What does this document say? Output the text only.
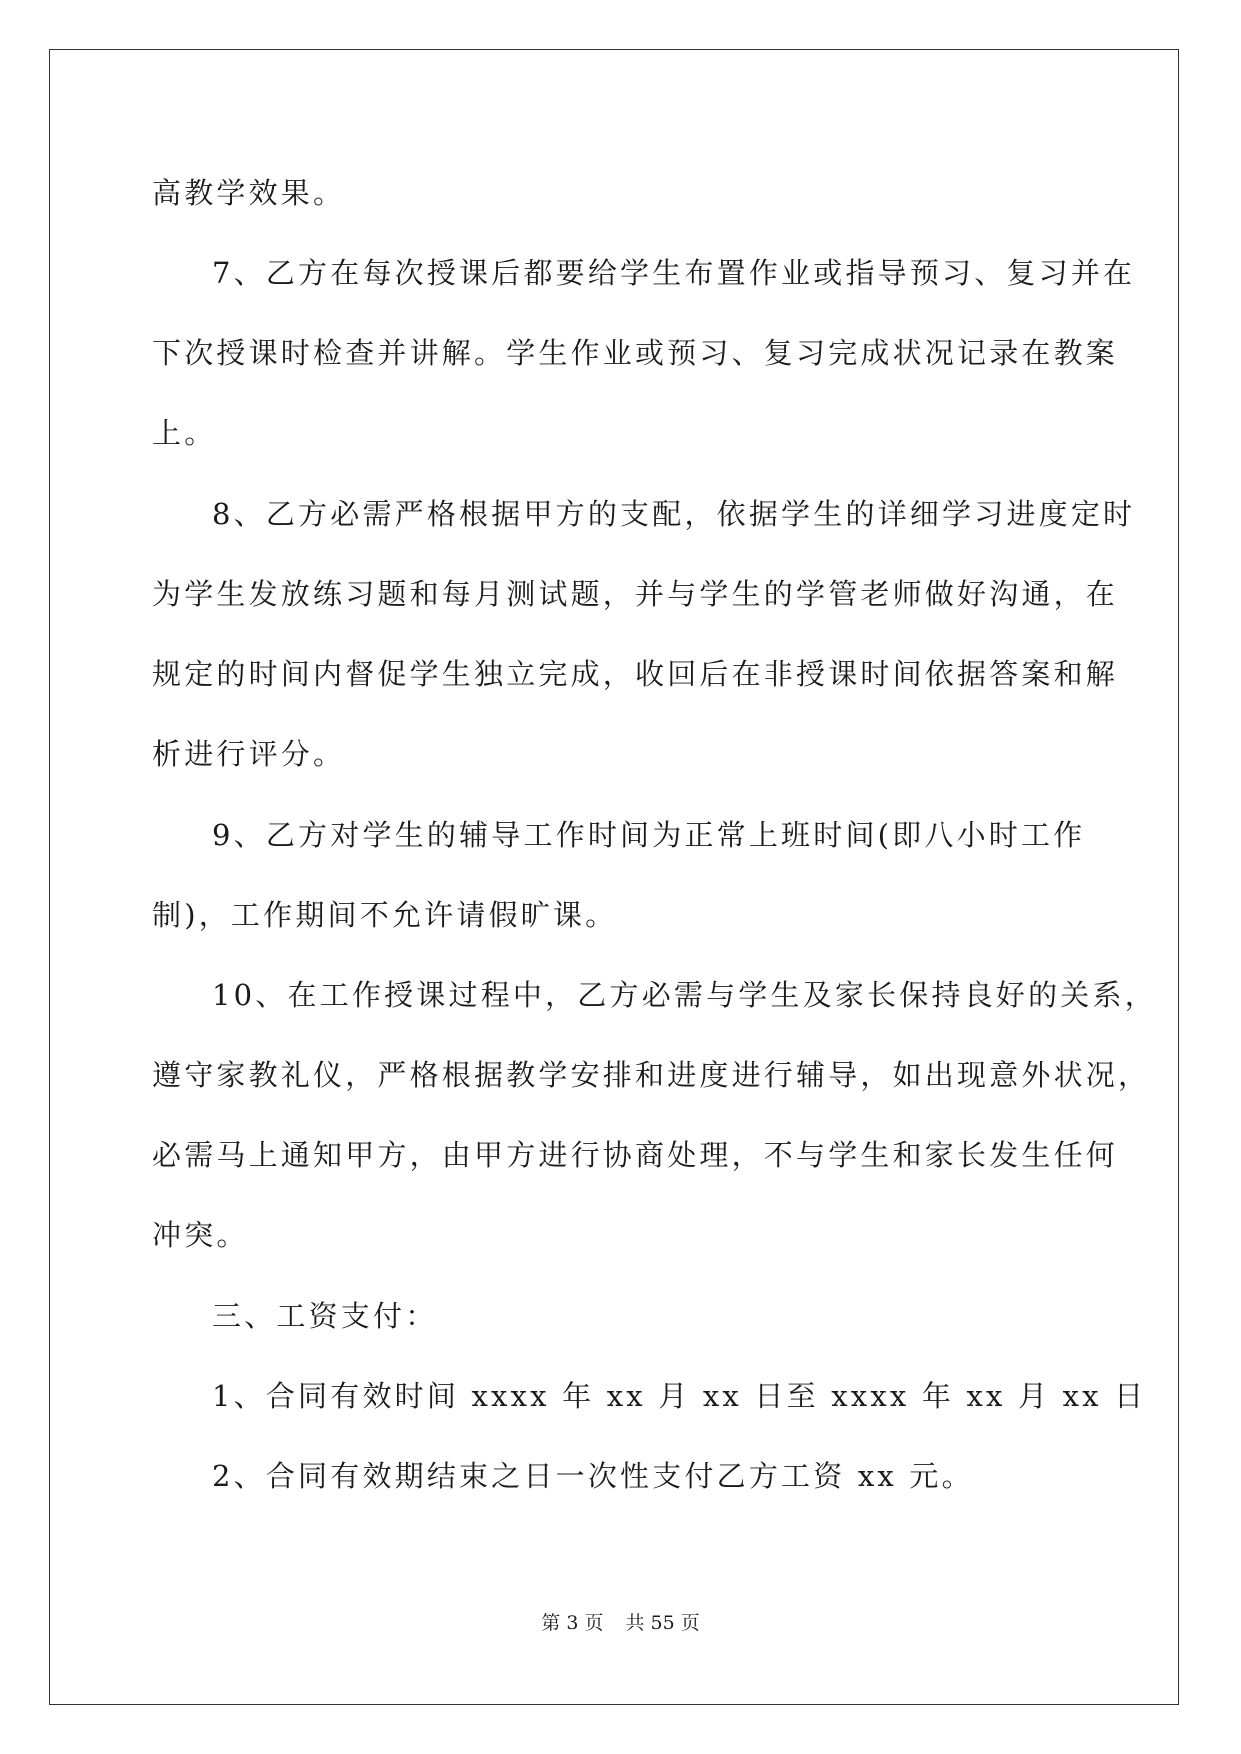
高教学效果。
7、乙方在每次授课后都要给学生布置作业或指导预习、复习并在
下次授课时检查并讲解。学生作业或预习、复习完成状况记录在教案
上。
8、乙方必需严格根据甲方的支配，依据学生的详细学习进度定时
为学生发放练习题和每月测试题，并与学生的学管老师做好沟通，在
规定的时间内督促学生独立完成，收回后在非授课时间依据答案和解
析进行评分。
9、乙方对学生的辅导工作时间为正常上班时间(即八小时工作
制)，工作期间不允许请假旷课。
10、在工作授课过程中，乙方必需与学生及家长保持良好的关系，
遵守家教礼仪，严格根据教学安排和进度进行辅导，如出现意外状况，
必需马上通知甲方，由甲方进行协商处理，不与学生和家长发生任何
冲突。
三、工资支付：
1、合同有效时间 xxxx 年 xx 月 xx 日至 xxxx 年 xx 月 xx 日
2、合同有效期结束之日一次性支付乙方工资 xx 元。
第 3 页 共 55 页
